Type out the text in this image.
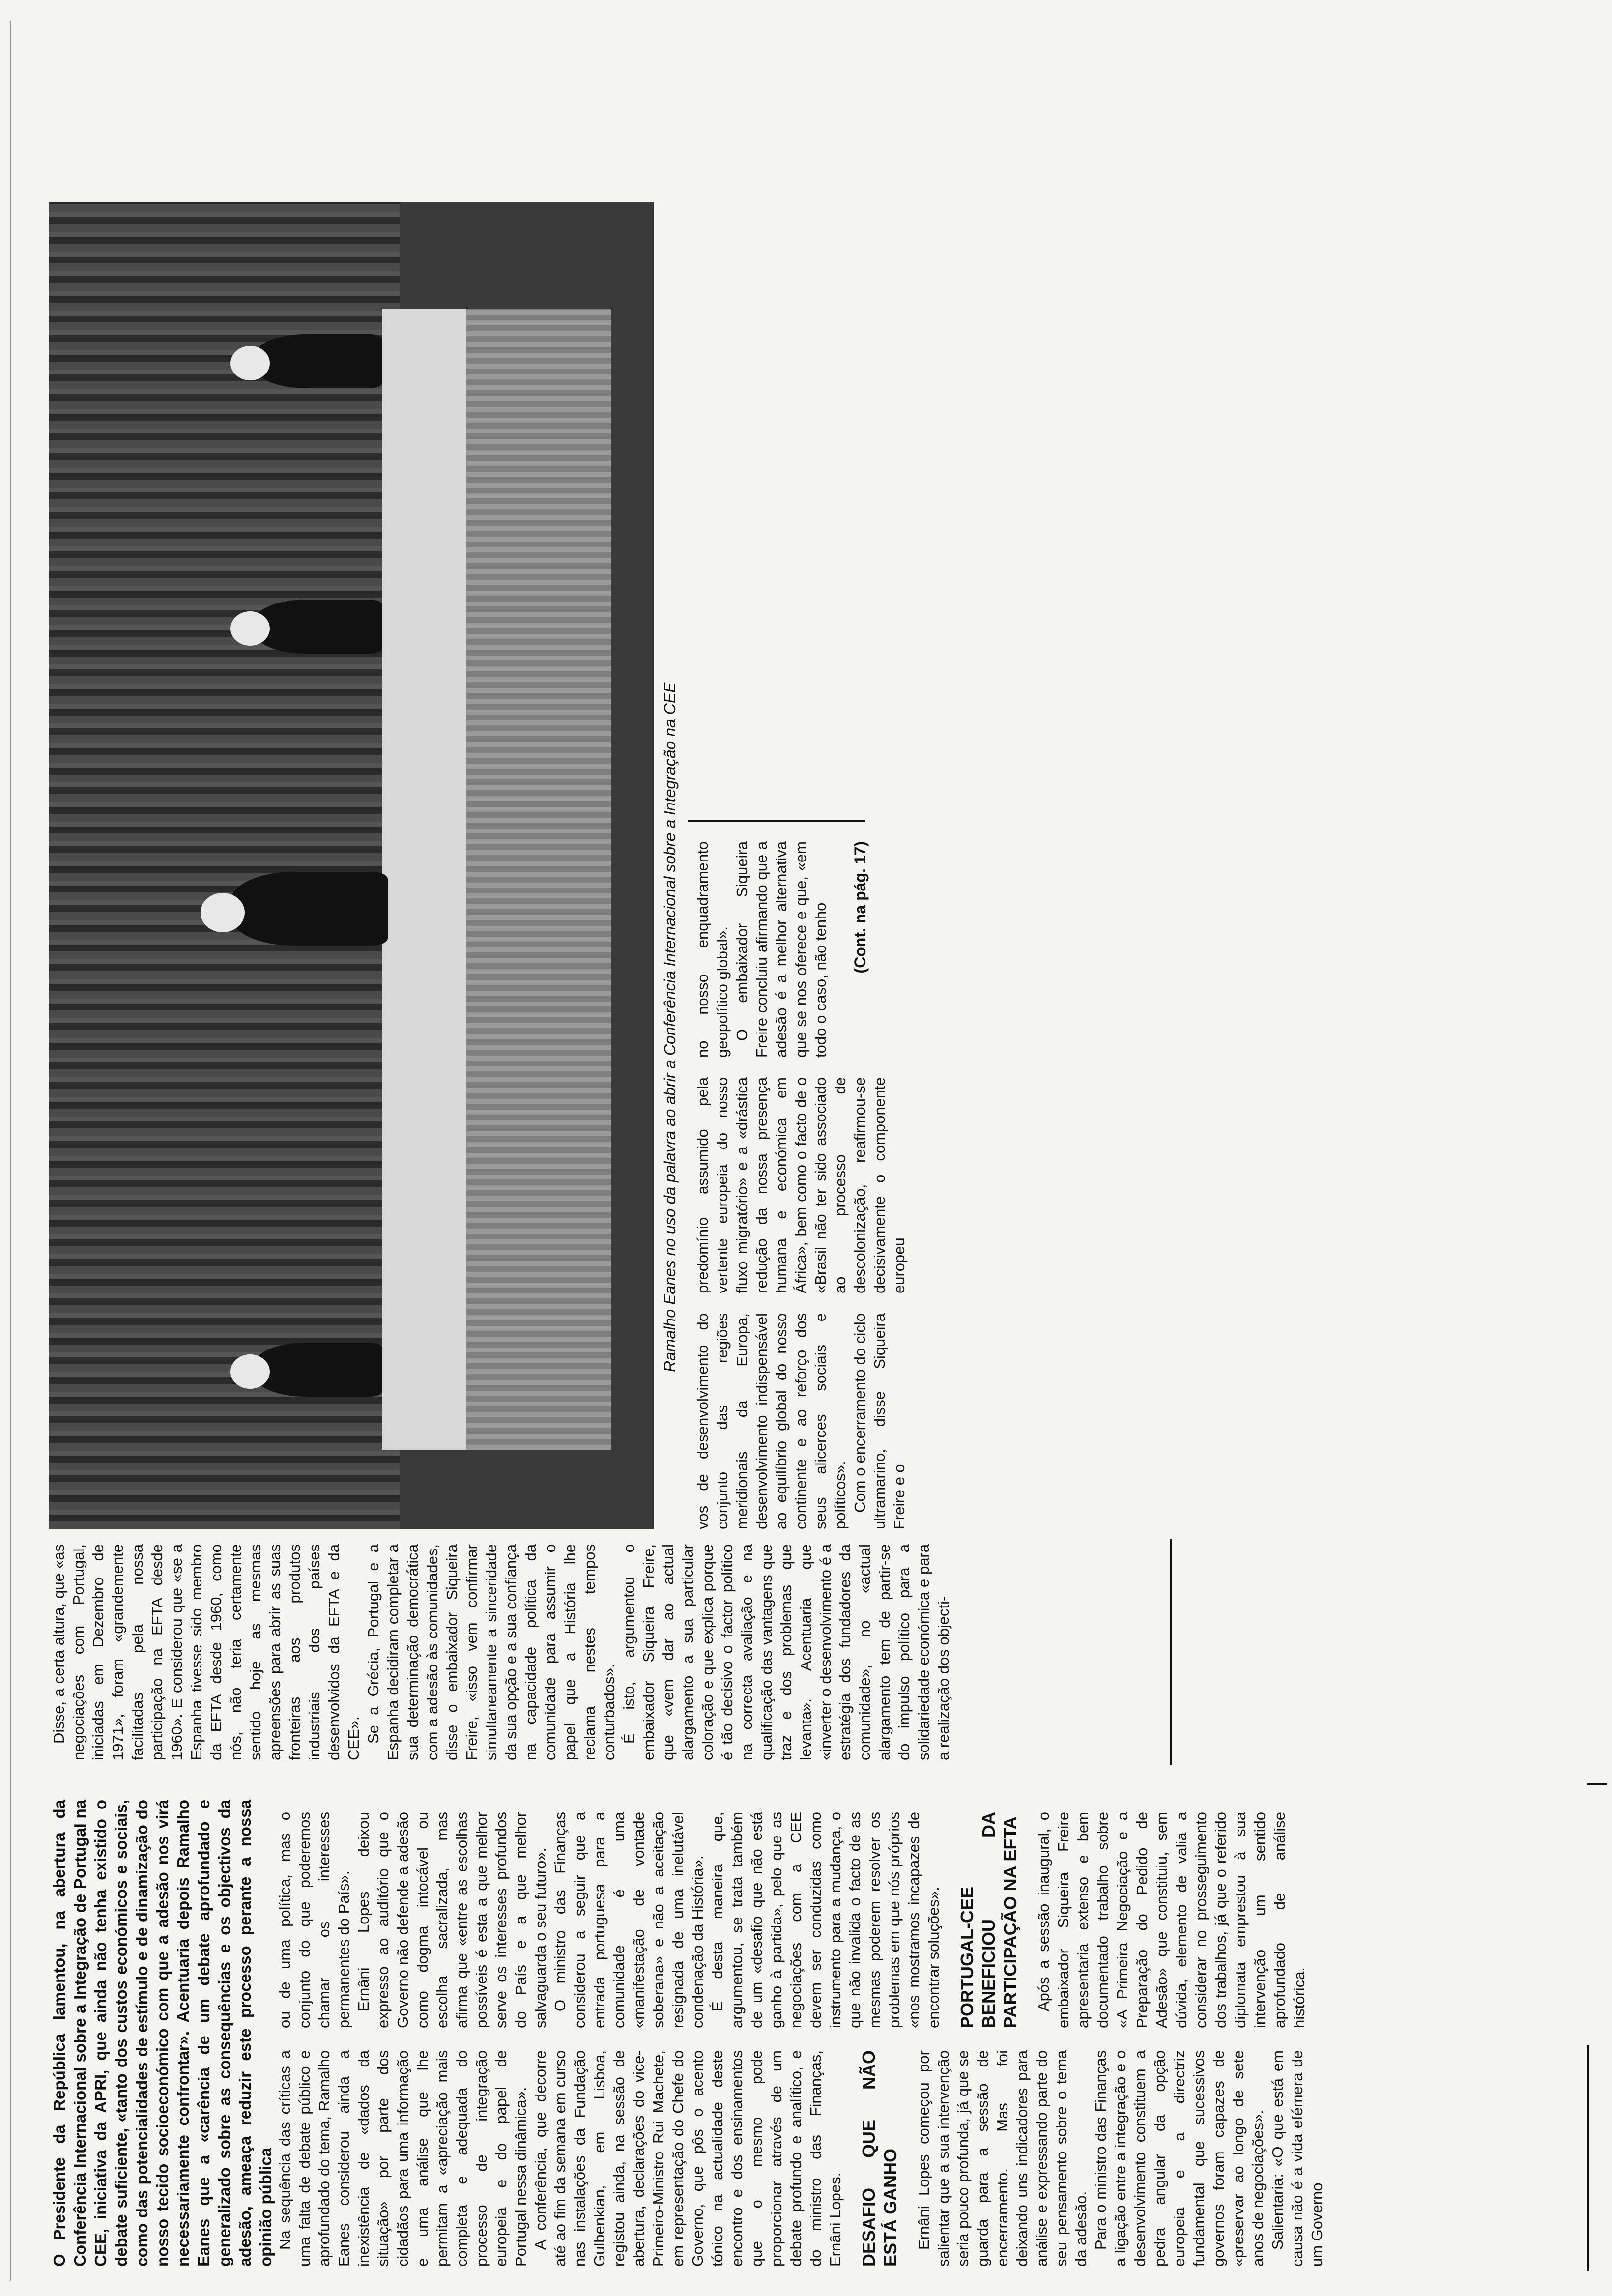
Na sequência das críticas a uma falta de debate público e aprofundado do tema, Ramalho Eanes considerou ainda a inexistência de «dados da situação» por parte dos cidadãos para uma informação e uma análise que lhe permitam a «apreciação mais completa e adequada do processo de integração europeia e do papel de Portugal nessa dinâmica». A conferência, que decorre até ao fim da semana em curso nas instalações da Fundação Gulbenkian, em Lisboa, registou ainda, na sessão de abertura, declarações do vice-Primeiro-Ministro Rui Machete, em representação do Chefe do Governo, que pôs o acento tónico na actualidade deste encontro e dos ensinamentos que o mesmo pode proporcionar através de um debate profundo e analítico, e do ministro das Finanças, Ernâni Lopes. DESAFIO QUE NÃO ESTÁ GANHO Ernâni Lopes começou por salientar que a sua intervenção seria pouco profunda, já que se guarda para a sessão de encerramento. Mas foi deixando uns indicadores para análise e expressando parte do seu pensamento sobre o tema da adesão. Para o ministro das Finanças a ligação entre a integração e o desenvolvimento constituem a pedra angular da opção europeia e a directriz fundamental que sucessivos governos foram capazes de «preservar ao longo de sete anos de negociações». Salientaria: «O que está em causa não é a vida efémera de um Governo

O Presidente da República lamentou, na abertura da Conferência Internacional sobre a Integração de Portugal na CEE, iniciativa da APRI, que ainda não tenha existido o debate suficiente, «tanto dos custos económicos e sociais, como das potencialidades de estímulo e de dinamização do nosso tecido socioeconómico com que a adesão nos virá necessariamente confrontar». Acentuaria depois Ramalho Eanes que a «carência de um debate aprofundado e generalizado sobre as consequências e os objectivos da adesão, ameaça reduzir este processo perante a nossa opinião pública

ou de uma política, mas o conjunto do que poderemos chamar os interesses permanentes do País». Ernâni Lopes deixou expresso ao auditório que o Governo não defende a adesão como dogma intocável ou escolha sacralizada, mas afirma que «entre as escolhas possíveis é esta a que melhor serve os interesses profundos do País e a que melhor salvaguarda o seu futuro». O ministro das Finanças considerou a seguir que a entrada portuguesa para a comunidade é uma «manifestação de vontade soberana» e não a aceitação resignada de uma inelutável condenação da História». É desta maneira que, argumentou, se trata também de um «desafio que não está ganho à partida», pelo que as negociações com a CEE devem ser conduzidas como instrumento para a mudança, o que não invalida o facto de as mesmas poderem resolver os problemas em que nós próprios «nos mostramos incapazes de encontrar soluções». PORTUGAL-CEE BENEFICIOU DA PARTICIPAÇÃO NA EFTA Após a sessão inaugural, o embaixador Siqueira Freire apresentaria extenso e bem documentado trabalho sobre «A Primeira Negociação e a Preparação do Pedido de Adesão» que constituiu, sem dúvida, elemento de valia a considerar no prosseguimento dos trabalhos, já que o referido diplomata emprestou à sua intervenção um sentido aprofundado de análise histórica.

Disse, a certa altura, que «as negociações com Portugal, iniciadas em Dezembro de 1971», foram «grandemente facilitadas pela nossa participação na EFTA desde 1960». E considerou que «se a Espanha tivesse sido membro da EFTA desde 1960, como nós, não teria certamente sentido hoje as mesmas apreensões para abrir as suas fronteiras aos produtos industriais dos países desenvolvidos da EFTA e da CEE». Se a Grécia, Portugal e a Espanha decidiram completar a sua determinação democrática com a adesão às comunidades, disse o embaixador Siqueira Freire, «isso vem confirmar simultaneamente a sinceridade da sua opção e a sua confiança na capacidade política da comunidade para assumir o papel que a História lhe reclama nestes tempos conturbados». É isto, argumentou o embaixador Siqueira Freire, que «vem dar ao actual alargamento a sua particular coloração e que explica porque é tão decisivo o factor político na correcta avaliação e na qualificação das vantagens que traz e dos problemas que levanta». Acentuaria que «inverter o desenvolvimento é a estratégia dos fundadores da comunidade», no «actual alargamento tem de partir-se do impulso político para a solidariedade económica e para a realização dos objecti-

Ramalho Eanes no uso da palavra ao abrir a Conferência Internacional sobre a Integração na CEE

vos de desenvolvimento do conjunto das regiões meridionais da Europa, desenvolvimento indispensável ao equilíbrio global do nosso continente e ao reforço dos seus alicerces sociais e políticos». Com o encerramento do ciclo ultramarino, disse Siqueira Freire e o

predomínio assumido pela vertente europeia do nosso fluxo migratório» e a «drástica redução da nossa presença humana e económica em África», bem como o facto de o «Brasil não ter sido associado ao processo de descolonização, reafirmou-se decisivamente o componente europeu

no nosso enquadramento geopolítico global». O embaixador Siqueira Freire concluiu afirmando que a adesão é a melhor alternativa que se nos oferece e que, «em todo o caso, não tenho (Cont. na pág. 17)
